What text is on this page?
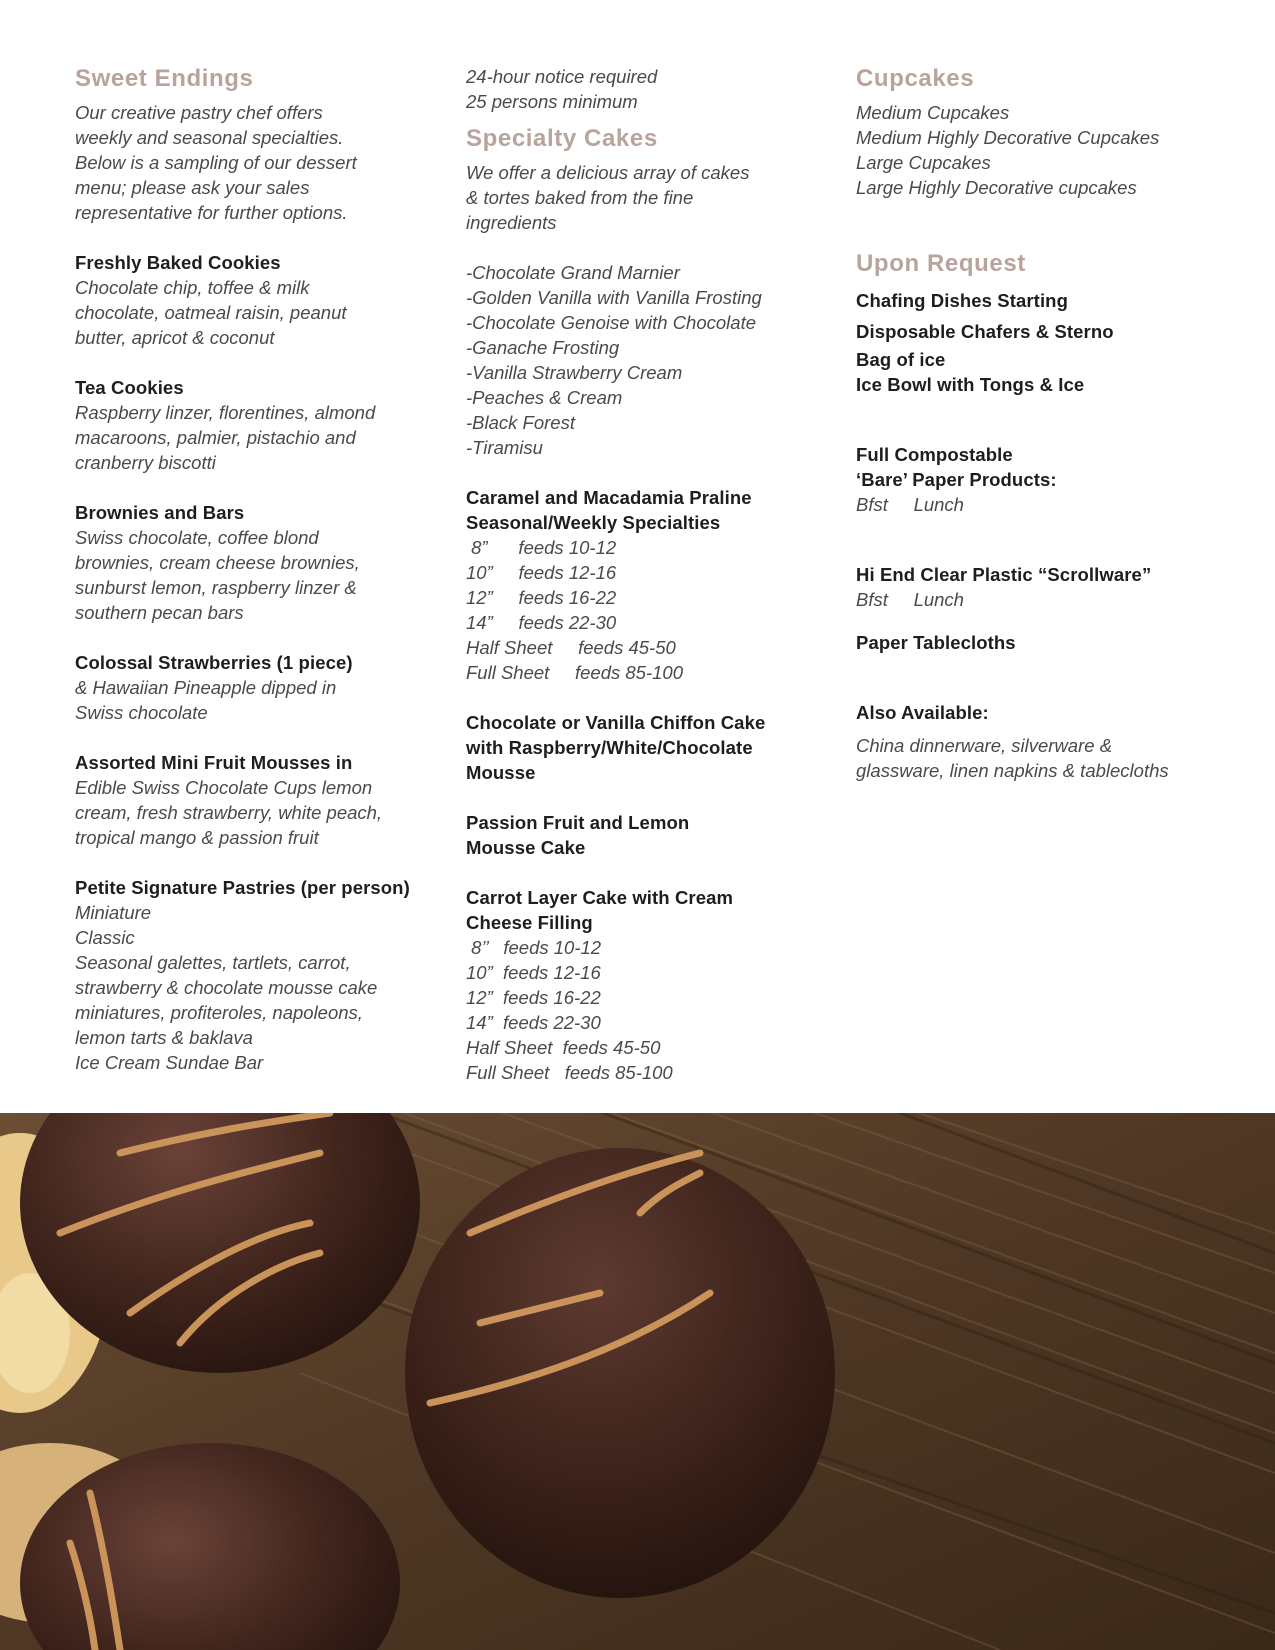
Sweet Endings
Our creative pastry chef offers
weekly and seasonal specialties.
Below is a sampling of our dessert
menu; please ask your sales
representative for further options.
Freshly Baked Cookies
Chocolate chip, toffee & milk
chocolate, oatmeal raisin, peanut
butter, apricot & coconut
Tea Cookies
Raspberry linzer, florentines, almond
macaroons, palmier, pistachio and
cranberry biscotti
Brownies and Bars
Swiss chocolate, coffee blond
brownies, cream cheese brownies,
sunburst lemon, raspberry linzer &
southern pecan bars
Colossal Strawberries (1 piece)
& Hawaiian Pineapple dipped in
Swiss chocolate
Assorted Mini Fruit Mousses in
Edible Swiss Chocolate Cups lemon
cream, fresh strawberry, white peach,
tropical mango & passion fruit
Petite Signature Pastries (per person)
Miniature
Classic
Seasonal galettes, tartlets, carrot,
strawberry & chocolate mousse cake
miniatures, profiteroles, napoleons,
lemon tarts & baklava
Ice Cream Sundae Bar
24-hour notice required
25 persons minimum
Specialty Cakes
We offer a delicious array of cakes
& tortes baked from the fine
ingredients
-Chocolate Grand Marnier
-Golden Vanilla with Vanilla Frosting
-Chocolate Genoise with Chocolate
-Ganache Frosting
-Vanilla Strawberry Cream
-Peaches & Cream
-Black Forest
-Tiramisu
Caramel and Macadamia Praline
Seasonal/Weekly Specialties
8”      feeds 10-12
10”     feeds 12-16
12”     feeds 16-22
14”     feeds 22-30
Half Sheet     feeds 45-50
Full Sheet     feeds 85-100
Chocolate or Vanilla Chiffon Cake
with Raspberry/White/Chocolate
Mousse
Passion Fruit and Lemon
Mousse Cake
Carrot Layer Cake with Cream
Cheese Filling
8’’   feeds 10-12
10”  feeds 12-16
12”  feeds 16-22
14”  feeds 22-30
Half Sheet  feeds 45-50
Full Sheet   feeds 85-100
Cupcakes
Medium Cupcakes
Medium Highly Decorative Cupcakes
Large Cupcakes
Large Highly Decorative cupcakes
Upon Request
Chafing Dishes Starting
Disposable Chafers & Sterno
Bag of ice
Ice Bowl with Tongs & Ice
Full Compostable
‘Bare’ Paper Products:
Bfst     Lunch
Hi End Clear Plastic “Scrollware”
Bfst     Lunch
Paper Tablecloths
Also Available:
China dinnerware, silverware &
glassware, linen napkins & tablecloths
